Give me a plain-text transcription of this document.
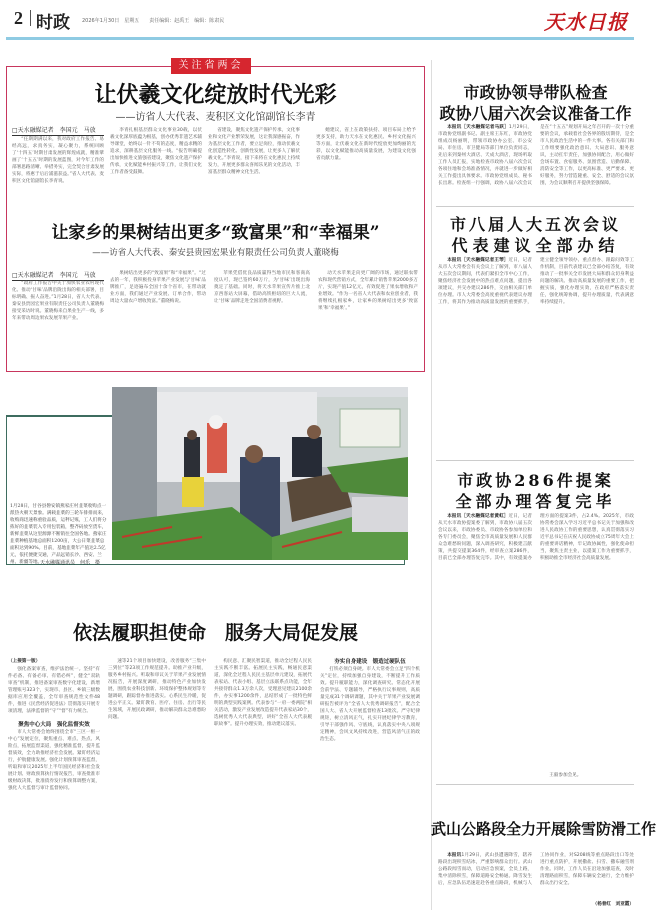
2 时政 2026年1月30日　星期五　　责任编辑：赵禹王　编辑：陈肃民	天水日报
关注省两会
让伏羲文化绽放时代光彩
——访省人大代表、麦积区文化馆副馆长李青
□天水融媒记者　李国元　马放

“任期期满以来，我对政府工作报告、易经高远，求真务实，凝心聚力，系统回顾了‘十四五’时期甘肃发展的辉煌成就，精准擘画了‘十五五’时期的发展蓝图，对今年工作的部署思路清晰、举措务实，完全契合甘肃发展实际，将惠于后后浦滋获益。”省人大代表、麦积区文化馆副馆长李青说。

李青扎根基层群众文化事业30载，以伏羲文化深厚底蕴为根基，创办优秀非遗艺术辅导课堂，始终以一针不苟的态度，精益求精的追求，深耕基层文化服务一线。“报告明确提出加快推进文旅强省建设，聚焦文化遗产保护传承，文化赋能乡村振兴等工作，让我们文化工作者备受鼓舞。

省建设，聚焦文化遗产保护传承，文化事业和文化产业繁荣发展，这让我深感振奋，作为基层文化工作者，要立足岗位，推动伏羲文化创造性转化、创新性发展，让更多人了解伏羲文化。”李青说，接下来将在文化惠民上持续发力，开展更多群众喜闻乐见的文化活动，丰富基层群众精神文化生活。

她建议，省上在政策扶持、项目布局上给予更多支持，助力天水在文化惠民、乡村文化振兴等方面，让伏羲文化在新时代绽放更加绚丽的光彩，以文化赋能推动高质量发展，为建设文化强省贡献力量。

让家乡的果树结出更多“致富果”和“幸福果”
——访省人大代表、秦安县贵园宏果业有限责任公司负责人董晓梅
□天水融媒记者　李国元　马放

“政府工作报告中关于加快农业农村现代化、推动‘甘味’品牌沿陇出海的相关部署，目标明确、振人奋进。”1月28日，省人大代表、秦安县贵园宏果业有限责任公司负责人董晓梅接受采访时说。董晓梅来自果业生产一线，多年来带动周边果农发展苹果产业。

果树结出更多的“致富果”和“幸福果”。“过去的一年，我积极投身苹果产业发展与‘甘味’品牌推广，足迹遍布全国十余个省市，在带动就业方面，我们通过产业发展、订单合作，带动周边大量农户增收致富。”董晓梅说。

苹果凭借优良品质赢得当地市民和客商高度认可，现已签约60万斤，为‘甘味’出现出海奠定了基础。同时，将天水苹果宣传片推上北京西客站大屏幕，借助高铁枢纽的巨大人流，让‘甘味’品牌走进全国消费者视野。

动天水苹果走向更广阔的市场，通过联农带农和现代营销方式，全年累计销售苹果2000多万斤，实现产值12亿元，有效促进了果农增收和产业增效。“作为一名省人大代表和农业创业者，我将继续扎根家乡，让家乡的果树结出更多‘致富果’和‘幸福果’。”

1月28日，甘谷县磐安镇燕家庄村韭菜收购点一派热火朝天景象。满载韭菜的三轮车排排而来，收购商迅速称重验品质，运秤记账，工人们将分拣好的韭菜装入专用包装箱，整齐码放至货车，新鲜韭菜从这里源源不断销往全国各地。燕家庄韭菜种植基地总面积1200亩，大公日菜韭菜总面积达到90%。目前，基地韭菜年产值达2.5亿元，依托便捷交通，产品远销长沙、西安、兰州、新疆等地。
天水融媒通讯员　何乐　摄
依法履职担使命　服务大局促发展
（上接第一版）

强化备案审查，维护法治统一。坚持“有件必备、有备必审、有错必纠”，健全“双轨审查”机制，推进备案审查数字化建设，新增管理账号323个，实现市、县区、乡镇三级数据库应用全覆盖，全年审查规范性文件48件，推进《民营经济促进法》贯彻落实开展专项清理，法律监督的“守”“督”有力统合。

聚焦中心大局　强化监督实效

市人大常委会始终围绕全市“三区一枢一中心”发展定位，聚焦重点、难点、热点、风险点，拓展监督渠道，强化精准监督，提升监督质效，全力助推经济社会发展。紧盯经济运行，护航健康发展。强化计划预算审查监督，听取和审议2025年上半年国民经济和社会发展计划、财政预算执行情况报告，审查批准市级财政决算，批准债券发行和预算调整方案，强化人大监督与审计监督协同。

速等21个项目加快建设，改善服务“三集中三到位”等23项工作规范提升。助推产业升级，服务乡村振兴。听取和审议关于苹果产业发展情况报告，开展深度调研，推动特色产业加快发展，围绕农业科技创新、环境保护整体规划等专题调研，跟踪督办推进落实。心系民生冷暖，促进公平正义。紧盯教育、医疗、住房、出行等民生领域，开展民政调研，推动解决群众急难愁盼问题。

构民意、汇聚民智渠道，推动全过程人民民主实践不断丰富。拓展民主实践，畅通民意渠道，深化全过程人民民主基层单元建设，拓展代表家站、代表小组、基层立法联系点功能，全年共接待群众1.3万余人次，受理意见建议2100余件，办实事1200余件，总结形成了一批特色鲜明的典型实践案例。代表参与“一府一委两院”相关活动，激发产业发展改造提升代表家站30个，选树优秀人大代表典型，讲好“全省人大代表履职故事”。提升办理实效，推动建议落实。

夯实自身建设　锻造过硬队伍

打铁必须自身硬。市人大常委会立足“四个机关”定位，持续加强自身建设，不断提升工作质效。提升履职能力，深化调查研究。常态化开展会前学法、专题辅导，严格执行议事规则，高质量完成31个调研课题，其中关于苹果产业发展调研报告被评为“全省人大优秀调研报告”，配合全国人大、省人大开展监督检查13批次。严守纪律规矩，树立清风正气，扎实开展纪律学习教育，引导干部强作风、守底线，认真落实中央八项规定精神，会风文风持续改进，营造风清气正的政治生态。

市政协领导带队检查
政协八届六次会议准备工作

本报讯［天水融媒记者马跃］1月29日，市政协党组副书记、副主席王东红，市政协党组成员杨丽明，带领市政协办公室、市公安局、市住房、市卫健局等部门单位负责同志，先后来到秦州大酒店、天成大酒店，现场听取工作人员汇报，实地检查市政协八届六次会议各项住地和会场准备情况，并就进一步做好相关工作提出具体要求。市政协党组成员、秘书长出席。检查组一行强调，政协八届六次会议是在“十五五”规划开局之年召开的一次十分重要的会议，承载着社会各界的殷切期待，是全市人民政治生活中的一件大事。各有关部门和工作组要强化政治意识、大局意识、服务意识，主动扛牢责任，加强协同配合，用心做好会场布置、食宿服务、氛围营造、后勤保障、消防安全等工作，以更高标准、更严要求、更好服务，努力营造隆重、安全、舒适的会议氛围，为会议顺利召开提供坚强保障。

市八届人大五次会议
代表建议全部办结

本报讯［天水融媒记者王琴］近日，记者从市人大常委会有关会议上了解到，市八届人大五次会议期间，代表们紧扣全市中心工作，聚焦经济社会发展中的热点难点问题，提出各项建议，共交办建议286件，交由相关部门单位办理。市人大常委会高度重视代表建议办理工作，将其作为推动高质量发展的重要抓手，建立健全领导领办、重点督办、跟踪问效等工作机制，目前代表建议已全部办结答复，有效推动了一批事关全市发展大局和群众切身利益问题的解决。推动高质量发展的重要工作，把握实质，强化办理实效，在政府严格落实责任，强化统筹协调，提升办理质量，代表满意率持续提升。

市政协286件提案
全部办理答复完毕

本报讯［天水融媒记者黄虹］近日，记者从天水市政协提案委了解到，市政协八届五次会议以来，市政协委员、市政协各参加单位和各专门委员会，聚焦全市高质量发展和人民群众急难愁盼问题，深入调查研究，积极建言献策，共提交提案364件，经审查立案286件，目前已全部办理答复完毕。其中，有效提案办理方面的提案3件，占2.4%。2025年，市政协常委会深入学习习近平总书记关于加强和改进人民政协工作的重要思想，认真贯彻落实习近平总书记在庆祝人民政协成立75周年大会上的重要讲话精神，牢记政协属性，强化使命担当，聚焦主责主业，以提案工作为重要抓手，积极助推全市经济社会高质量发展。

王毅参加会见。

武山公路段全力开展除雪防滑工作

本报讯1月29日，武山县遭遇降雪，辖养路段出现积雪结冰，严重影响群众出行。武山公路段闻雪而动，启动应急预案，全员上路，集中清除积雪，保障道路安全畅通。降雪发生后，应急队伍迅速赶赴各重点路段，机械与人工协同作业，对S208线等重点路段出口等处进行重点防护，开展撒盐、扫雪、撒布融雪剂作业。同时，工作人员在沿途加强巡查，及时清理路面积雪，保障车辆安全通行，全力维护群众出行安全。

（杨普红　刘亚霞）
